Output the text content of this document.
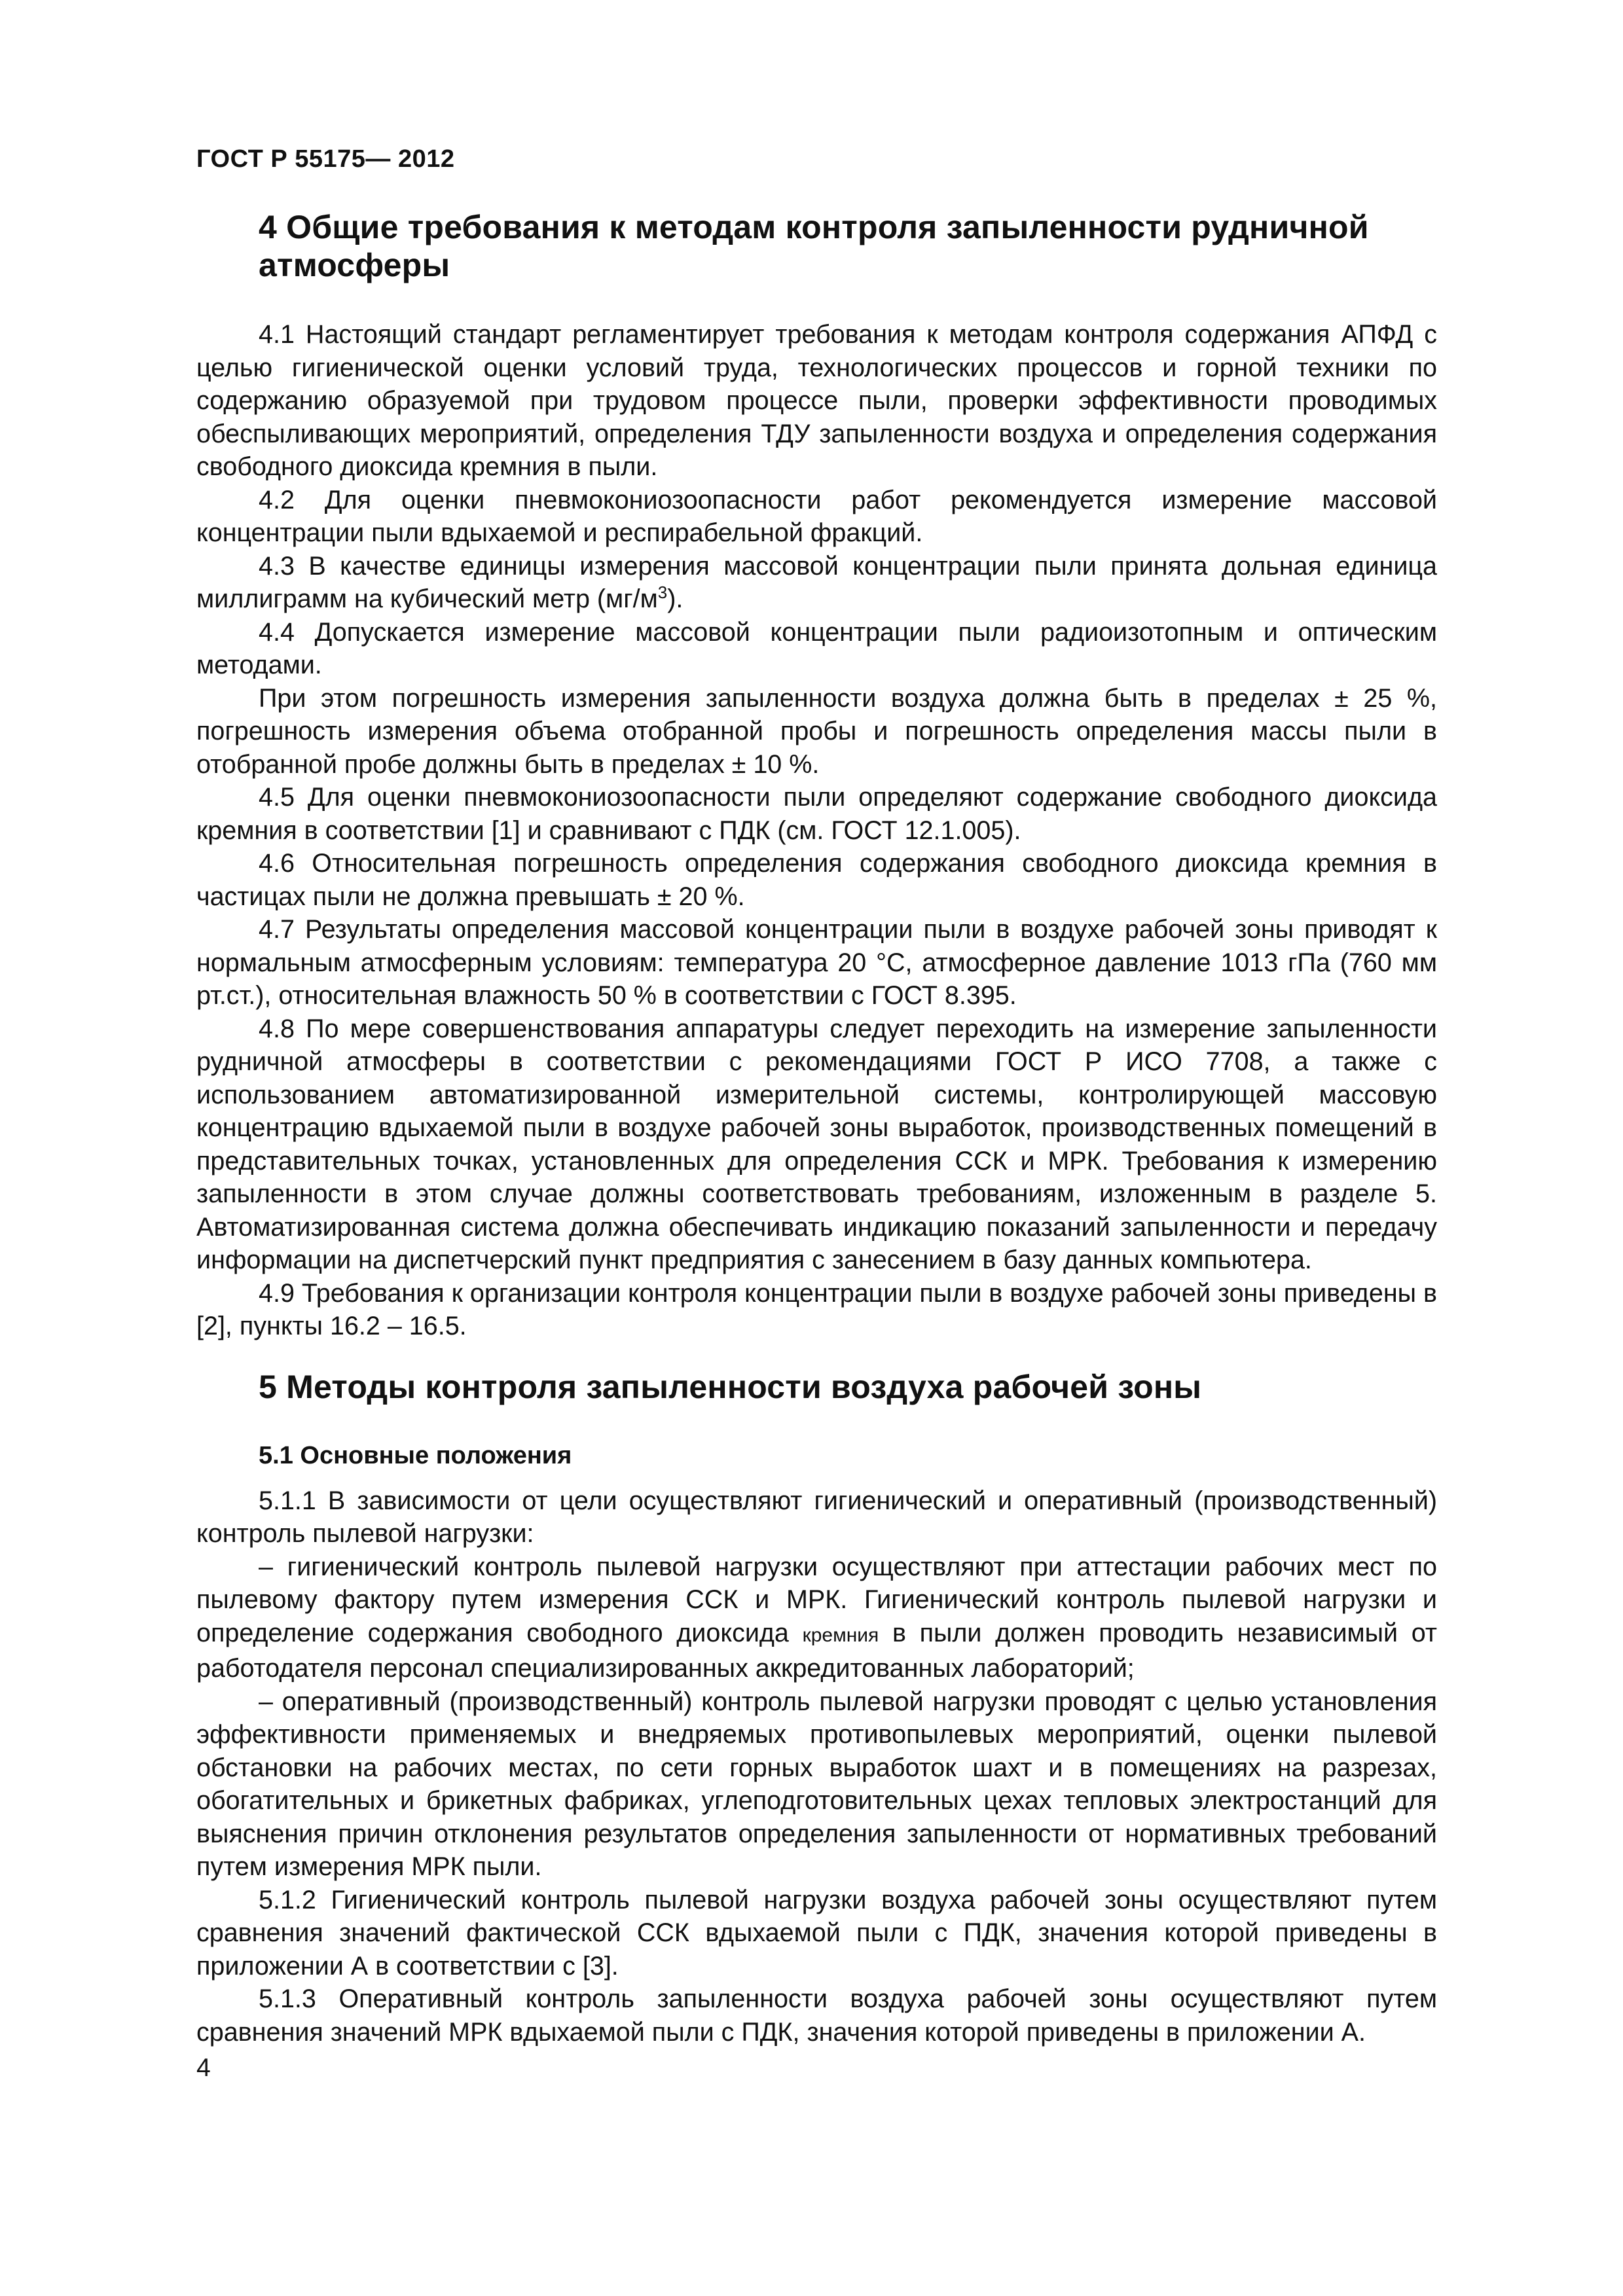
ГОСТ Р 55175— 2012
4 Общие требования к методам контроля запыленности рудничной атмосферы

4.1 Настоящий стандарт регламентирует требования к методам контроля содержания АПФД с целью гигиенической оценки условий труда, технологических процессов и горной техники по содержанию образуемой при трудовом процессе пыли, проверки эффективности проводимых обеспыливающих мероприятий, определения ТДУ запыленности воздуха и определения содержания свободного диоксида кремния в пыли.

4.2 Для оценки пневмокониозоопасности работ рекомендуется измерение массовой концентрации пыли вдыхаемой и респирабельной фракций.

4.3 В качестве единицы измерения массовой концентрации пыли принята дольная единица миллиграмм на кубический метр $(мг/м^3)$.

4.4 Допускается измерение массовой концентрации пыли радиоизотопным и оптическим методами.

При этом погрешность измерения запыленности воздуха должна быть в пределах ± 25 %, погрешность измерения объема отобранной пробы и погрешность определения массы пыли в отобранной пробе должны быть в пределах ± 10 %.

4.5 Для оценки пневмокониозоопасности пыли определяют содержание свободного диоксида кремния в соответствии [1] и сравнивают с ПДК (см. ГОСТ 12.1.005).

4.6 Относительная погрешность определения содержания свободного диоксида кремния в частицах пыли не должна превышать ± 20 %.

4.7 Результаты определения массовой концентрации пыли в воздухе рабочей зоны приводят к нормальным атмосферным условиям: температура 20 °С, атмосферное давление 1013 гПа (760 мм рт.ст.), относительная влажность 50 % в соответствии с ГОСТ 8.395.

4.8 По мере совершенствования аппаратуры следует переходить на измерение запыленности рудничной атмосферы в соответствии с рекомендациями ГОСТ Р ИСО 7708, а также с использованием автоматизированной измерительной системы, контролирующей массовую концентрацию вдыхаемой пыли в воздухе рабочей зоны выработок, производственных помещений в представительных точках, установленных для определения ССК и МРК. Требования к измерению запыленности в этом случае должны соответствовать требованиям, изложенным в разделе 5. Автоматизированная система должна обеспечивать индикацию показаний запыленности и передачу информации на диспетчерский пункт предприятия с занесением в базу данных компьютера.

4.9 Требования к организации контроля концентрации пыли в воздухе рабочей зоны приведены в [2], пункты 16.2 – 16.5.

5 Методы контроля запыленности воздуха рабочей зоны
5.1 Основные положения

5.1.1 В зависимости от цели осуществляют гигиенический и оперативный (производственный) контроль пылевой нагрузки:

– гигиенический контроль пылевой нагрузки осуществляют при аттестации рабочих мест по пылевому фактору путем измерения ССК и МРК. Гигиенический контроль пылевой нагрузки и определение содержания свободного диоксида кремния в пыли должен проводить независимый от работодателя персонал специализированных аккредитованных лабораторий;

– оперативный (производственный) контроль пылевой нагрузки проводят с целью установления эффективности применяемых и внедряемых противопылевых мероприятий, оценки пылевой обстановки на рабочих местах, по сети горных выработок шахт и в помещениях на разрезах, обогатительных и брикетных фабриках, углеподготовительных цехах тепловых электростанций для выяснения причин отклонения результатов определения запыленности от нормативных требований путем измерения МРК пыли.

5.1.2 Гигиенический контроль пылевой нагрузки воздуха рабочей зоны осуществляют путем сравнения значений фактической ССК вдыхаемой пыли с ПДК, значения которой приведены в приложении А в соответствии с [3].

5.1.3 Оперативный контроль запыленности воздуха рабочей зоны осуществляют путем сравнения значений МРК вдыхаемой пыли с ПДК, значения которой приведены в приложении А.

4
